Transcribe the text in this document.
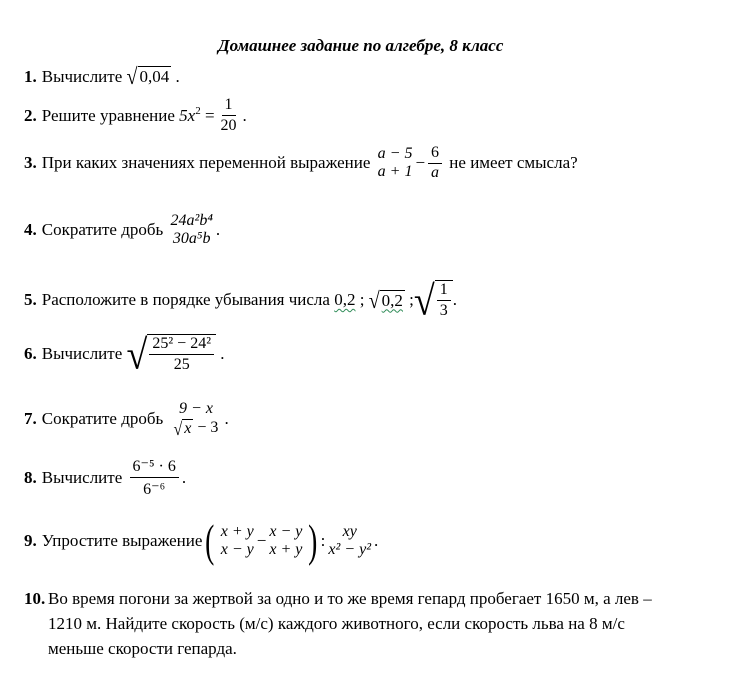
Домашнее задание по алгебре, 8 класс
1. Вычислите
√ 0,04
.
2. Решите уравнение
$5x^2$
= $\frac{1}{20}$ .
3. При каких значениях переменной выражение
a − 5
$a + 1 - \frac{6}{a}$
не имеет смысла?
4. Сократите дробь
24a²b⁴
30a⁵b .
5. Расположите в порядке убывания числа
0,2
;
√ 0,2
; √ $\frac{1}{3}$ .
6. Вычислите
√ $\frac{\text{25² − 24²}}{25}$
.
7. Сократите дробь

9 − x
√ x − 3 .
8. Вычислите
$\frac{\text{6⁻⁵ · 6}}{\text{6⁻⁶}}$ .
9. Упростите выражение ( x + y
x − y − x − y
x + y ) : xy
x² − y² .
10. Во время погони за жертвой за одно и то же время гепард пробегает 1650 м, а лев –
1210 м. Найдите скорость (м/с) каждого животного, если скорость льва на 8 м/с
меньше скорости гепарда.
